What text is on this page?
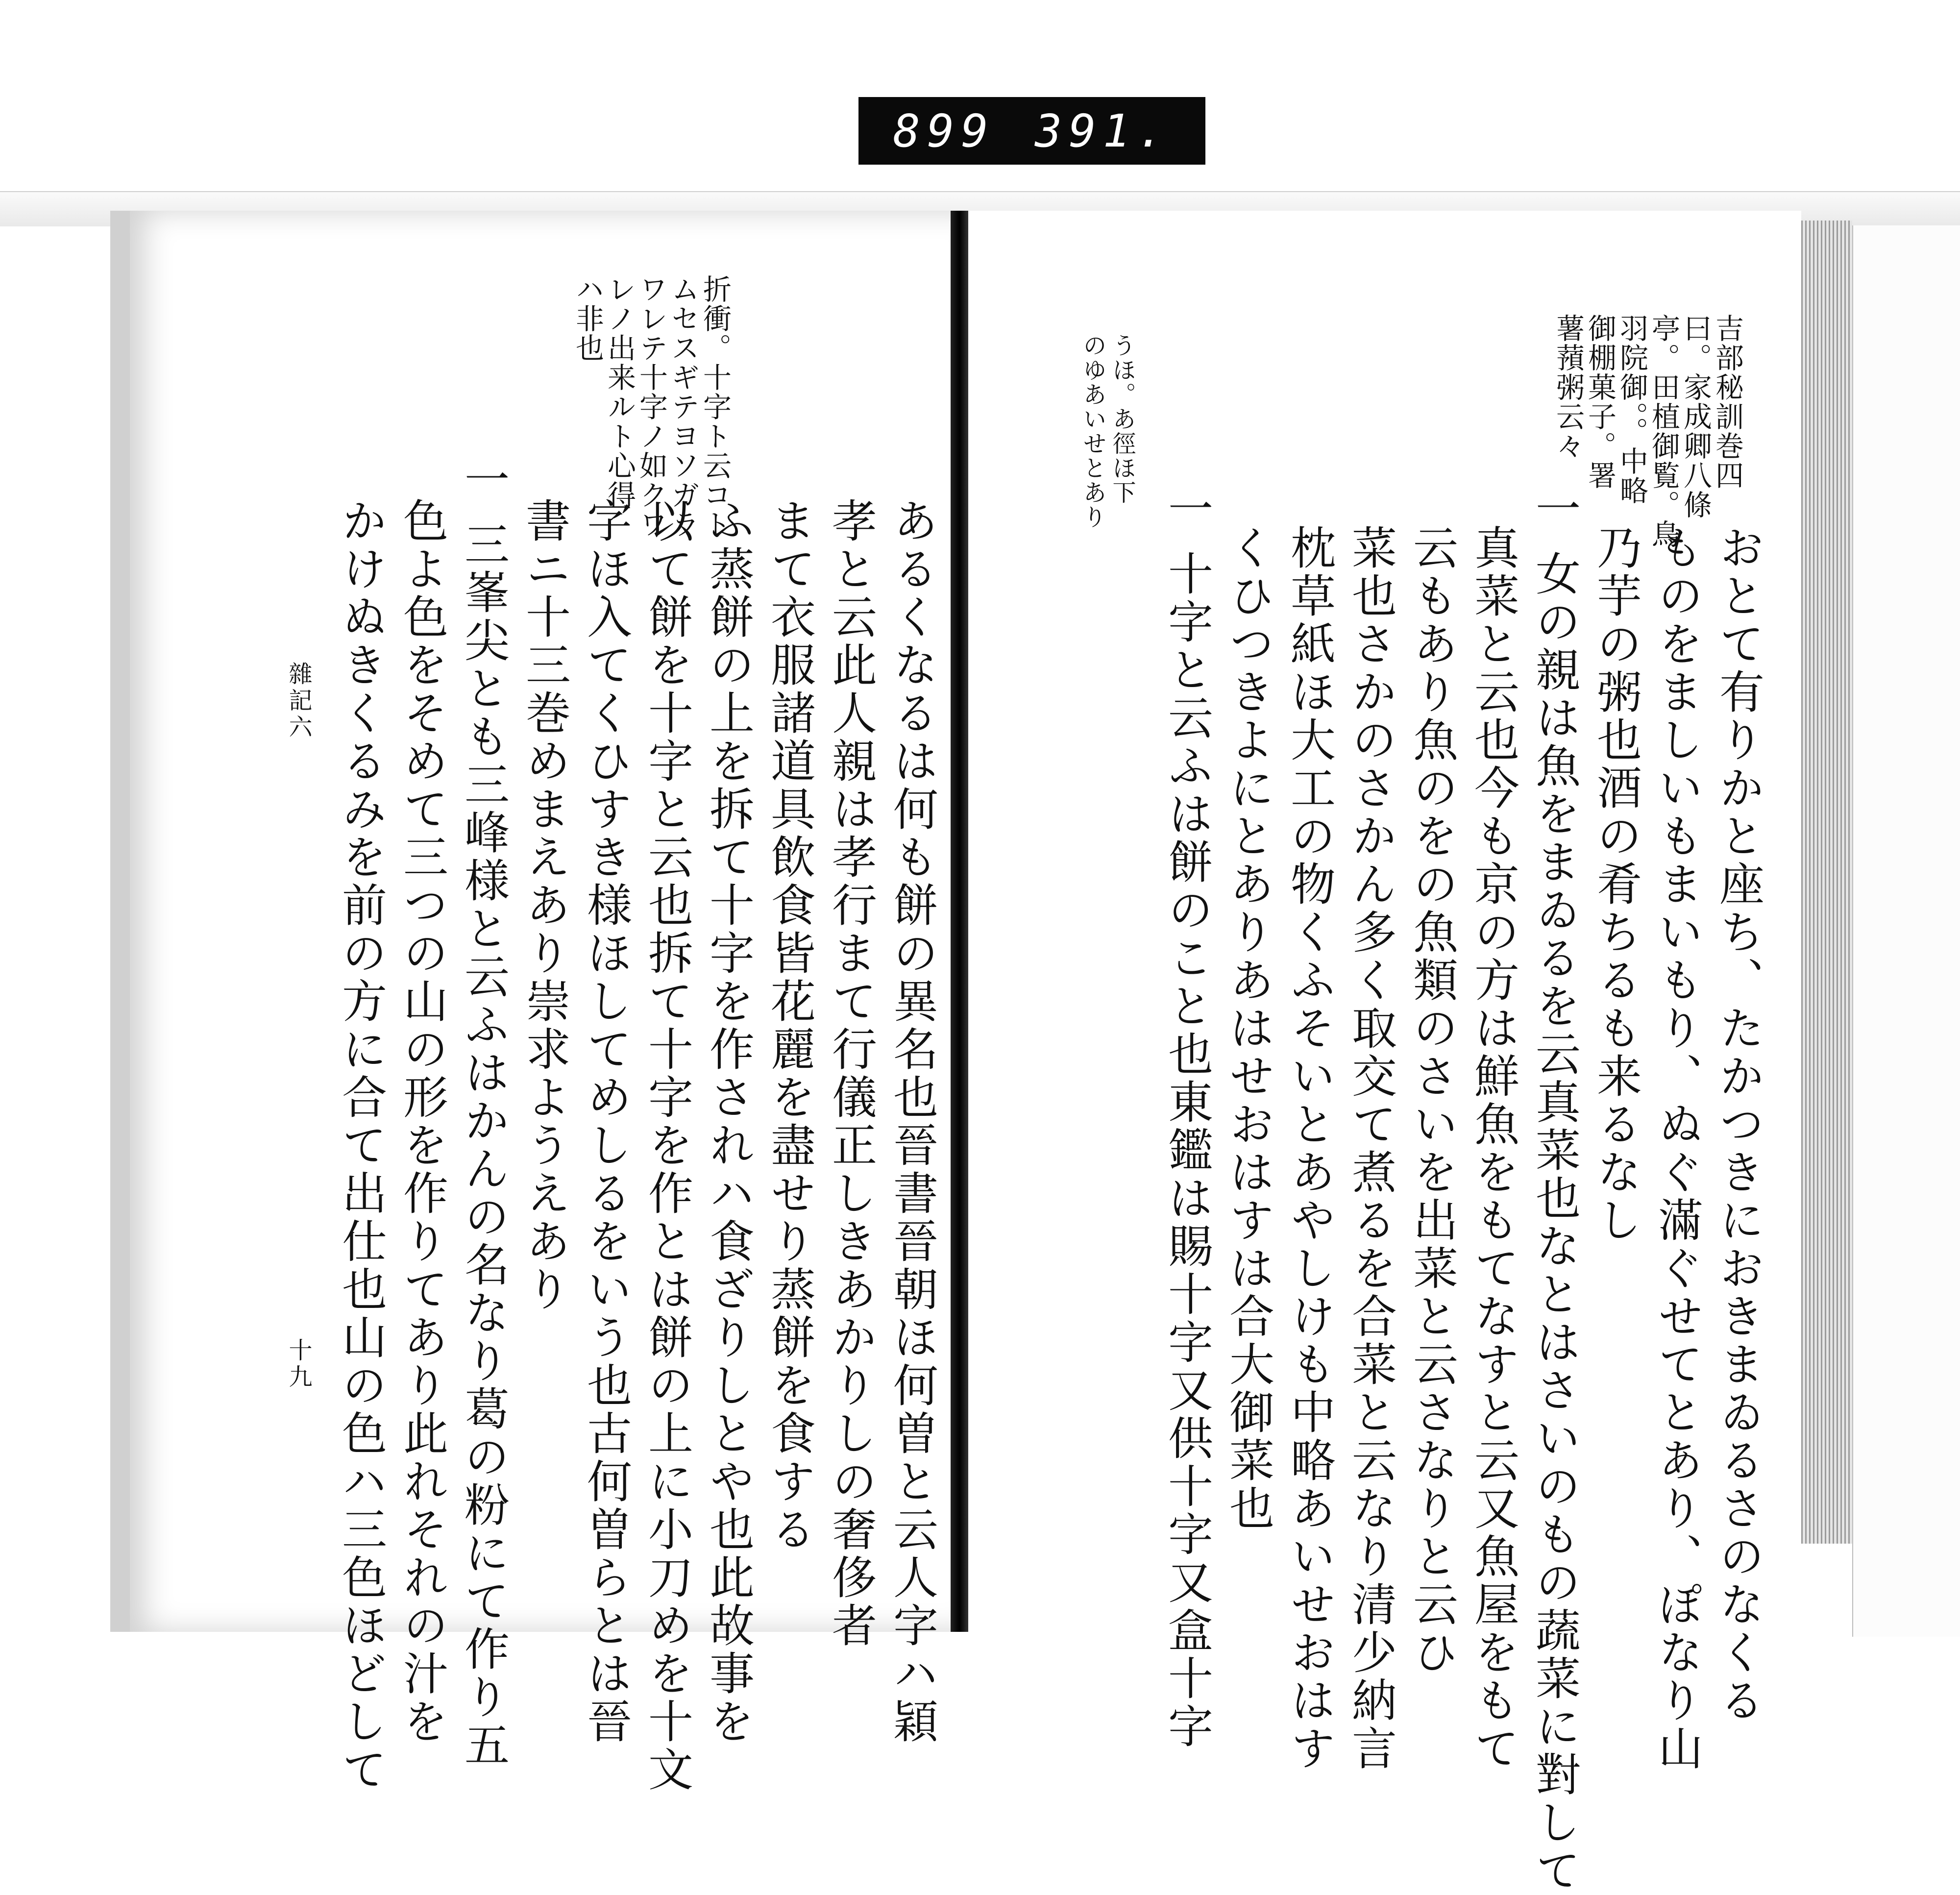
899 391.
折衝。十字ト云コト
ムセスギテヨソガラ
ワレテ十字ノ如クワ
レノ出来ルト心得
ハ非也
あるくなるは何も餅の異名也晉書晉朝ほ何曽と云人字ハ穎
孝と云此人親は孝行まて行儀正しきあかりしの奢侈者
まて衣服諸道具飲食皆花麗を盡せり蒸餅を食する
ふ蒸餅の上を拆て十字を作されハ食ざりしとや也此故事を
以て餅を十字と云也拆て十字を作とは餅の上に小刀めを十文
字ほ入てくひすき様ほしてめしるをいう也古何曽らとは晉
書ニ十三巻めまえあり崇求ようえあり
一 三峯尖とも三峰様と云ふはかんの名なり葛の粉にて作り五
色よ色をそめて三つの山の形を作りてあり此れそれの汁を
かけぬきくるみを前の方に合て出仕也山の色ハ三色ほどして
雜記六
十九
吉部秘訓巻四
曰。家成卿八條
亭。田植御覧。鳥
羽院御。。中略
御棚菓子。署
薯蕷粥云々
うほ。あ徑ほ下
のゆあいせとあり
おとて有りかと座ち、たかつきにおきまゐるさのなくる
ものをましいもまいもり、ぬぐ滿ぐせてとあり、ぽなり山
乃芋の粥也酒の肴ちるも来るなし
一 女の親は魚をまゐるを云真菜也なとはさいのもの蔬菜に對して
真菜と云也今も京の方は鮮魚をもてなすと云又魚屋をもて
云もあり魚のをの魚類のさいを出菜と云さなりと云ひ
菜也さかのさかん多く取交て煮るを合菜と云なり清少納言
枕草紙ほ大工の物くふそいとあやしけも中略あいせおはす
くひつきよにとありあはせおはすは合大御菜也
一 十字と云ふは餅のこと也東鑑は賜十字又供十字又盒十字
